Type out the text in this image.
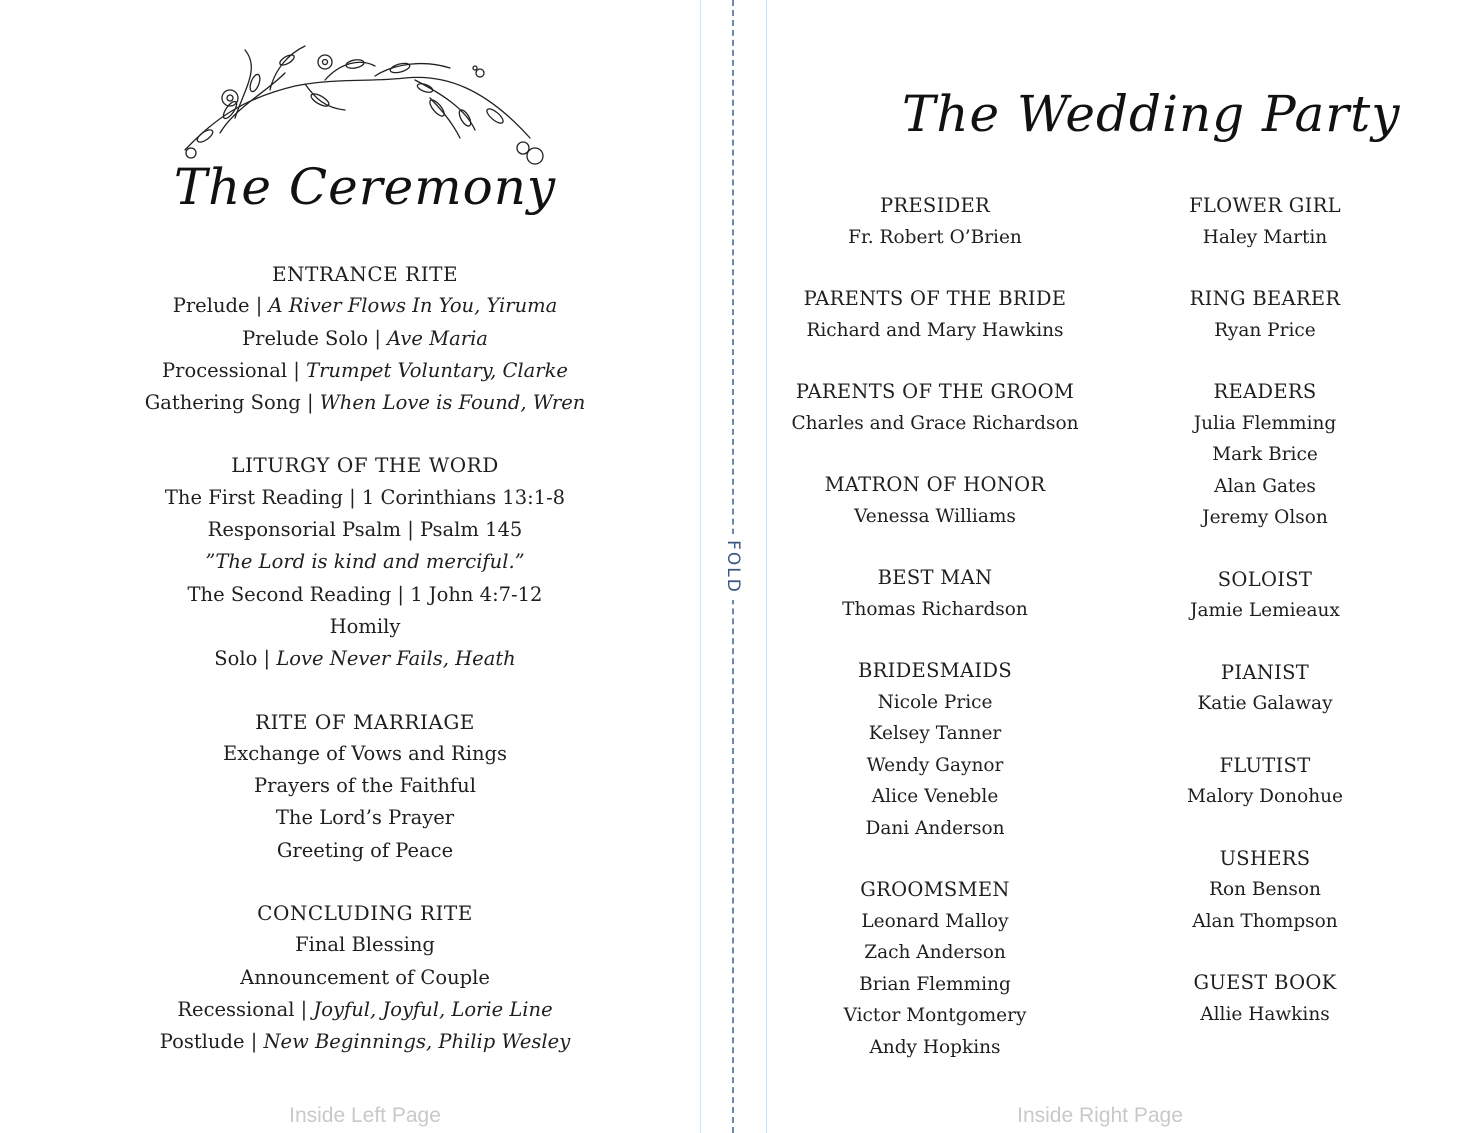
FOLD
The Ceremony
The Wedding Party
ENTRANCE RITE
Prelude | A River Flows In You, Yiruma
Prelude Solo | Ave Maria
Processional | Trumpet Voluntary, Clarke
Gathering Song | When Love is Found, Wren
LITURGY OF THE WORD
The First Reading | 1 Corinthians 13:1-8
Responsorial Psalm | Psalm 145
”The Lord is kind and merciful.”
The Second Reading | 1 John 4:7-12
Homily
Solo | Love Never Fails, Heath
RITE OF MARRIAGE
Exchange of Vows and Rings
Prayers of the Faithful
The Lord’s Prayer
Greeting of Peace
CONCLUDING RITE
Final Blessing
Announcement of Couple
Recessional | Joyful, Joyful, Lorie Line
Postlude | New Beginnings, Philip Wesley
PRESIDER
Fr. Robert O’Brien
PARENTS OF THE BRIDE
Richard and Mary Hawkins
PARENTS OF THE GROOM
Charles and Grace Richardson
MATRON OF HONOR
Venessa Williams
BEST MAN
Thomas Richardson
BRIDESMAIDS
Nicole Price
Kelsey Tanner
Wendy Gaynor
Alice Veneble
Dani Anderson
GROOMSMEN
Leonard Malloy
Zach Anderson
Brian Flemming
Victor Montgomery
Andy Hopkins
FLOWER GIRL
Haley Martin
RING BEARER
Ryan Price
READERS
Julia Flemming
Mark Brice
Alan Gates
Jeremy Olson
SOLOIST
Jamie Lemieaux
PIANIST
Katie Galaway
FLUTIST
Malory Donohue
USHERS
Ron Benson
Alan Thompson
GUEST BOOK
Allie Hawkins
Inside Left Page	Inside Right Page
